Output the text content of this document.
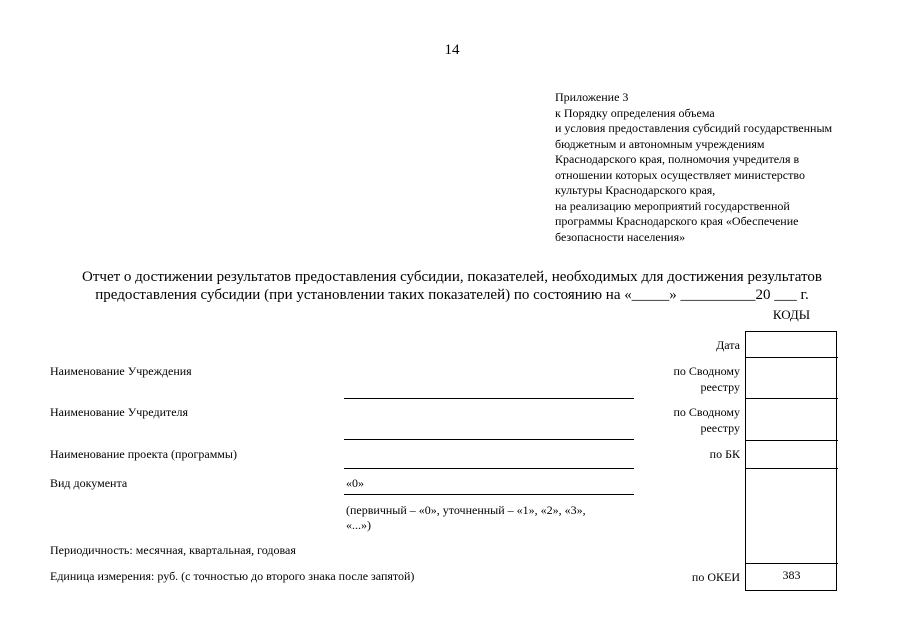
14
Приложение 3
к Порядку определения объема
и условия предоставления субсидий государственным
бюджетным и автономным учреждениям
Краснодарского края, полномочия учредителя в
отношении которых осуществляет министерство
культуры Краснодарского края,
на реализацию мероприятий государственной
программы Краснодарского края «Обеспечение
безопасности населения»
Отчет о достижении результатов предоставления субсидии, показателей, необходимых для достижения результатов
предоставления субсидии (при установлении таких показателей) по состоянию на «_____» __________20 ___ г.
КОДЫ
Дата
по Сводному
реестру
по Сводному
реестру
по БК
по ОКЕИ	383
Наименование Учреждения
Наименование Учредителя
Наименование проекта (программы)
Вид документа	«0»
(первичный – «0», уточненный – «1», «2», «3»,
«...»)
Периодичность: месячная, квартальная, годовая
Единица измерения: руб. (с точностью до второго знака после запятой)
